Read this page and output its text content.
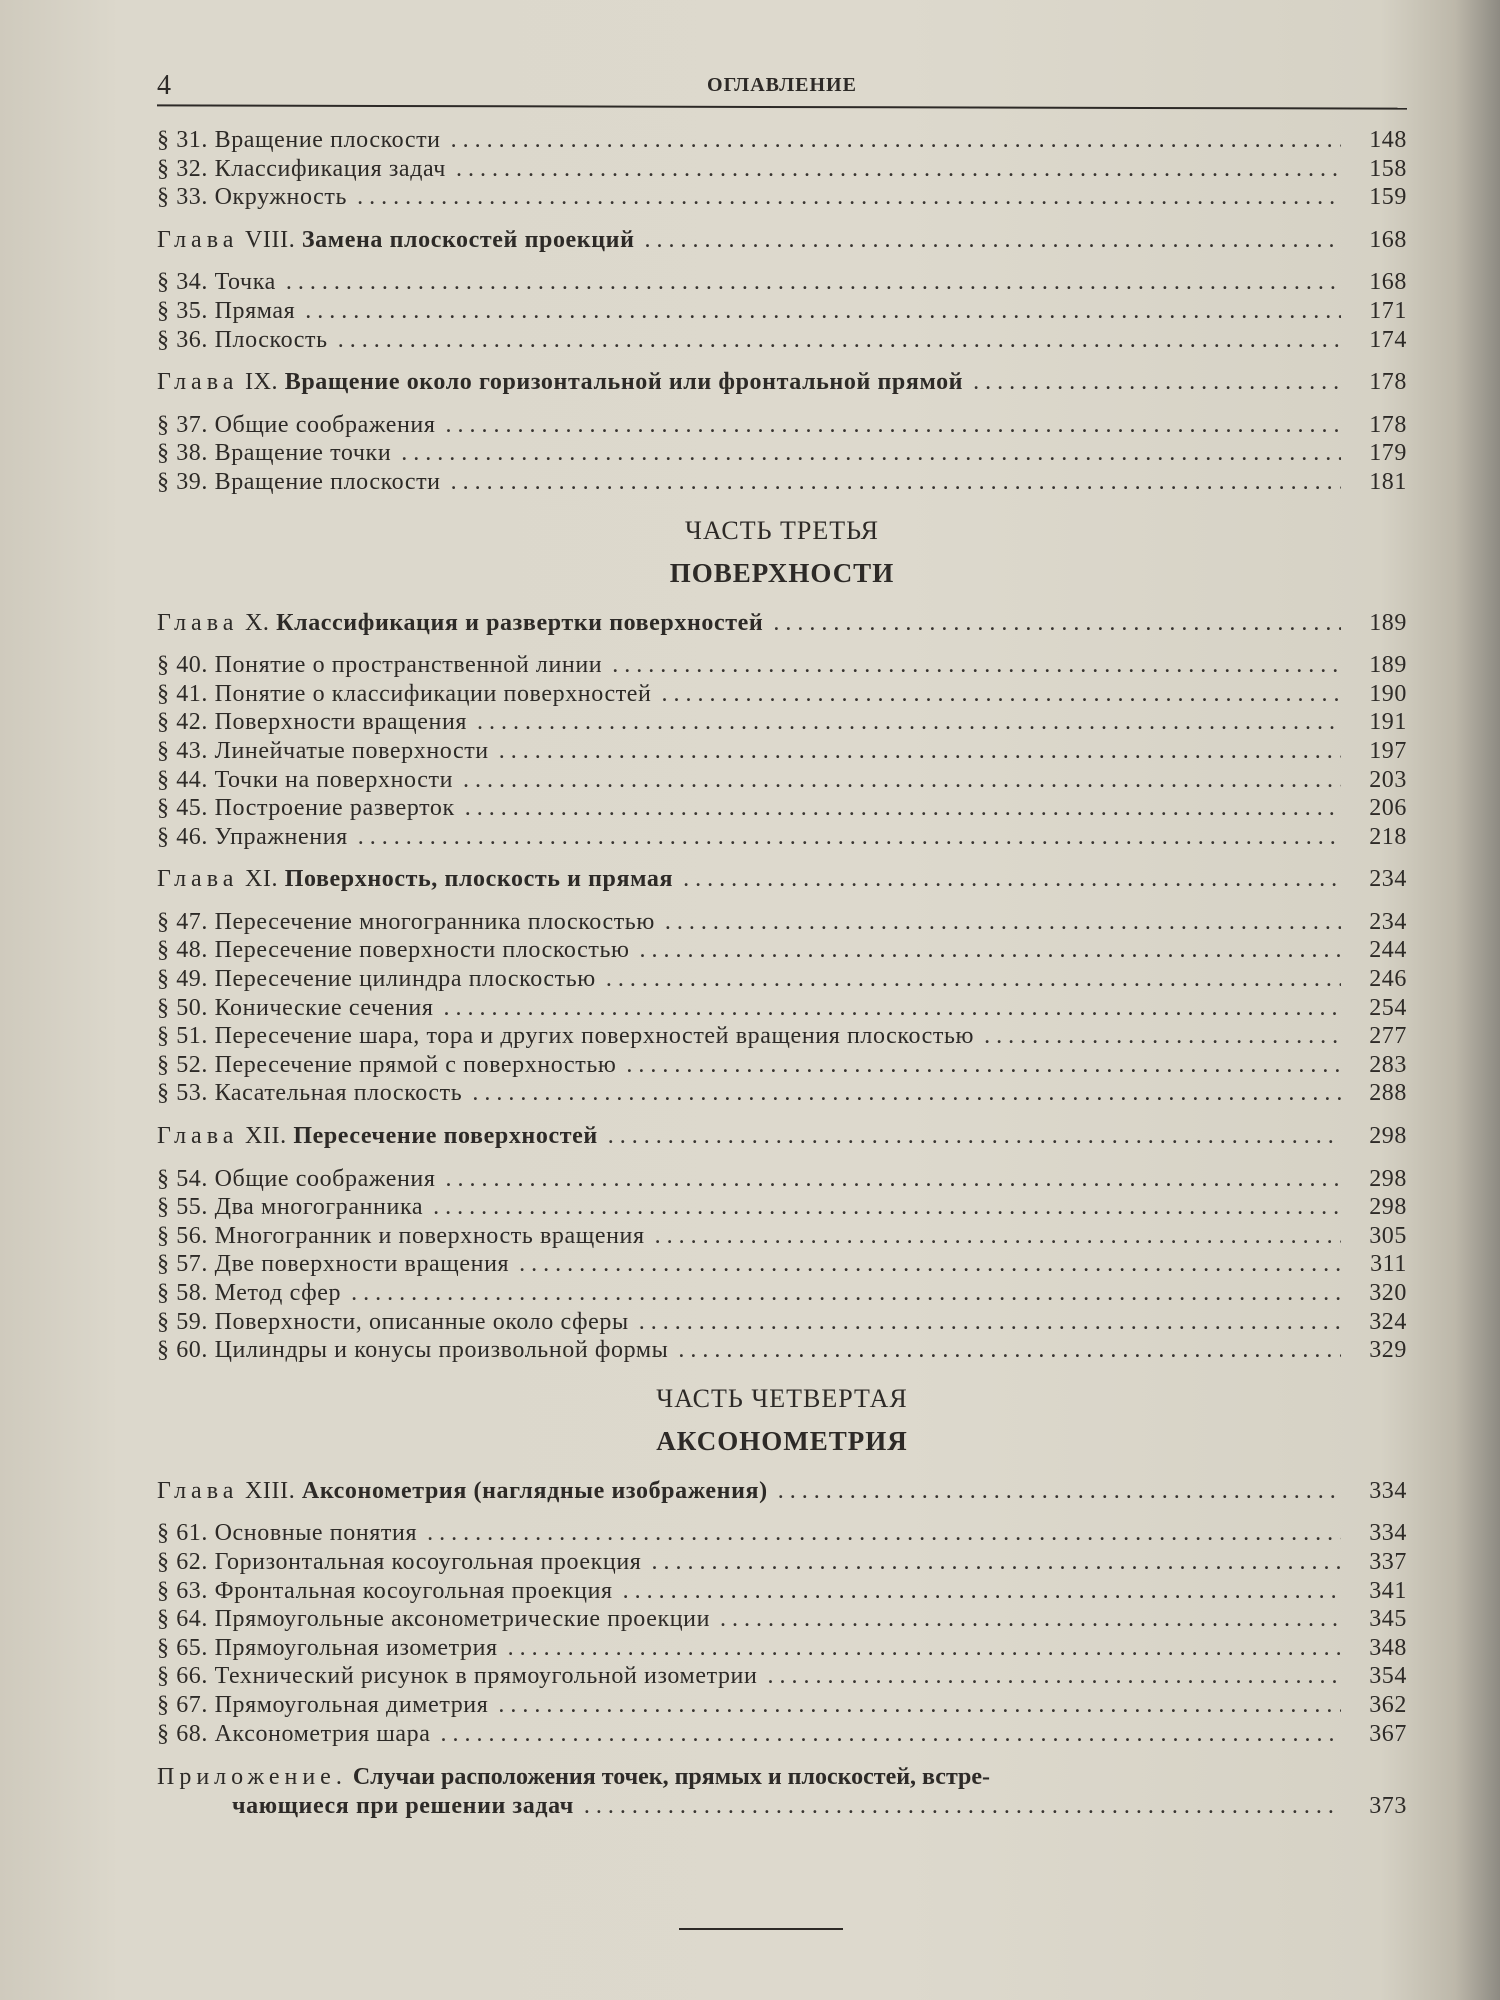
4	ОГЛАВЛЕНИЕ
§ 31. Вращение плоскости . . .	148
§ 32. Классификация задач . . .	158
§ 33. Окружность . . .	159
Глава VIII. Замена плоскостей проекций . . .	168
§ 34. Точка . . .	168
§ 35. Прямая . . .	171
§ 36. Плоскость . . .	174
Глава IX. Вращение около горизонтальной или фронтальной прямой . . .	178
§ 37. Общие соображения . . .	178
§ 38. Вращение точки . . .	179
§ 39. Вращение плоскости . . .	181
ЧАСТЬ ТРЕТЬЯ
ПОВЕРХНОСТИ
Глава X. Классификация и развертки поверхностей . . .	189
§ 40. Понятие о пространственной линии . . .	189
§ 41. Понятие о классификации поверхностей . . .	190
§ 42. Поверхности вращения . . .	191
§ 43. Линейчатые поверхности . . .	197
§ 44. Точки на поверхности . . .	203
§ 45. Построение разверток . . .	206
§ 46. Упражнения . . .	218
Глава XI. Поверхность, плоскость и прямая . . .	234
§ 47. Пересечение многогранника плоскостью . . .	234
§ 48. Пересечение поверхности плоскостью . . .	244
§ 49. Пересечение цилиндра плоскостью . . .	246
§ 50. Конические сечения . . .	254
§ 51. Пересечение шара, тора и других поверхностей вращения плоскостью . . .	277
§ 52. Пересечение прямой с поверхностью . . .	283
§ 53. Касательная плоскость . . .	288
Глава XII. Пересечение поверхностей . . .	298
§ 54. Общие соображения . . .	298
§ 55. Два многогранника . . .	298
§ 56. Многогранник и поверхность вращения . . .	305
§ 57. Две поверхности вращения . . .	311
§ 58. Метод сфер . . .	320
§ 59. Поверхности, описанные около сферы . . .	324
§ 60. Цилиндры и конусы произвольной формы . . .	329
ЧАСТЬ ЧЕТВЕРТАЯ
АКСОНОМЕТРИЯ
Глава XIII. Аксонометрия (наглядные изображения) . . .	334
§ 61. Основные понятия . . .	334
§ 62. Горизонтальная косоугольная проекция . . .	337
§ 63. Фронтальная косоугольная проекция . . .	341
§ 64. Прямоугольные аксонометрические проекции . . .	345
§ 65. Прямоугольная изометрия . . .	348
§ 66. Технический рисунок в прямоугольной изометрии . . .	354
§ 67. Прямоугольная диметрия . . .	362
§ 68. Аксонометрия шара . . .	367
Приложение. Случаи расположения точек, прямых и плоскостей, встре-
чающиеся при решении задач . . .	373
